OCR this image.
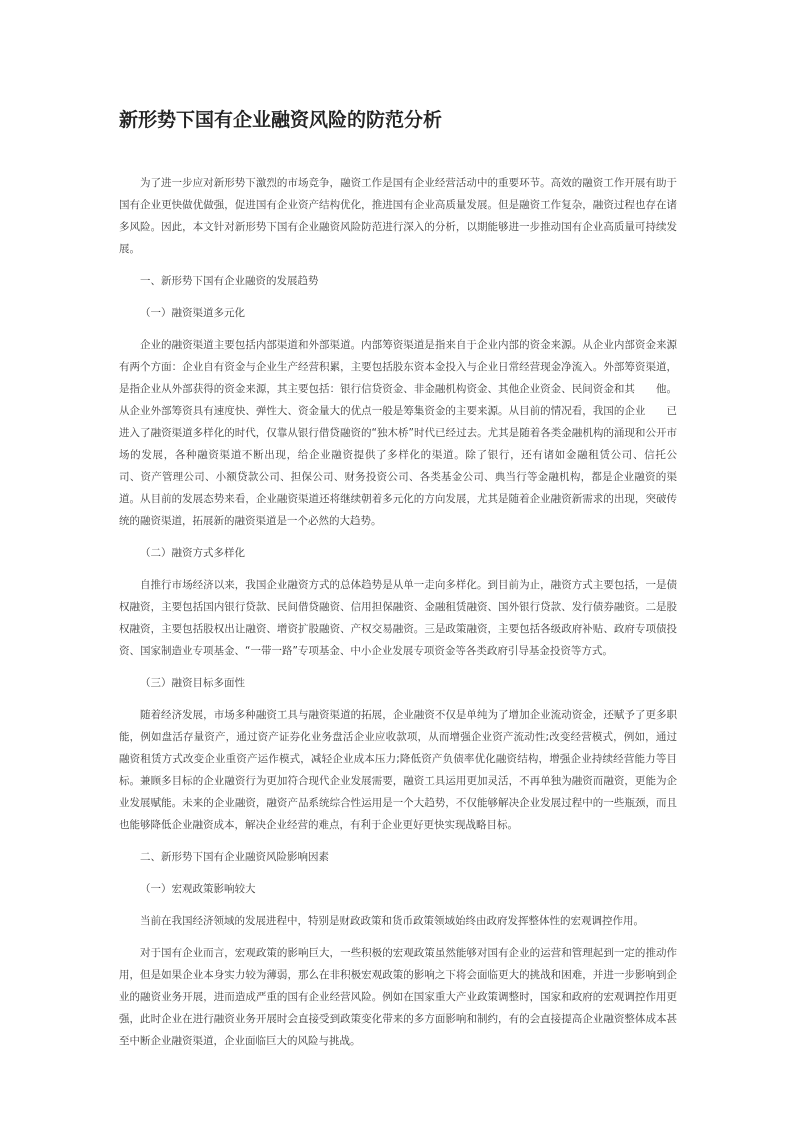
新形势下国有企业融资风险的防范分析

为了进一步应对新形势下激烈的市场竞争，融资工作是国有企业经营活动中的重要环节。高效的融资工作开展有助于国有企业更快做优做强，促进国有企业资产结构优化，推进国有企业高质量发展。但是融资工作复杂，融资过程也存在诸多风险。因此，本文针对新形势下国有企业融资风险防范进行深入的分析，以期能够进一步推动国有企业高质量可持续发展。

一、新形势下国有企业融资的发展趋势

（一）融资渠道多元化

企业的融资渠道主要包括内部渠道和外部渠道。内部筹资渠道是指来自于企业内部的资金来源。从企业内部资金来源有两个方面：企业自有资金与企业生产经营积累，主要包括股东资本金投入与企业日常经营现金净流入。外部筹资渠道，是指企业从外部获得的资金来源，其主要包括：银行信贷资金、非金融机构资金、其他企业资金、民间资金和其　　他。从企业外部筹资具有速度快、弹性大、资金量大的优点一般是筹集资金的主要来源。从目前的情况看，我国的企业　　已进入了融资渠道多样化的时代，仅靠从银行借贷融资的“独木桥”时代已经过去。尤其是随着各类金融机构的涌现和公开市场的发展，各种融资渠道不断出现，给企业融资提供了多样化的渠道。除了银行，还有诸如金融租赁公司、信托公　　司、资产管理公司、小额贷款公司、担保公司、财务投资公司、各类基金公司、典当行等金融机构，都是企业融资的渠　　道。从目前的发展态势来看，企业融资渠道还将继续朝着多元化的方向发展，尤其是随着企业融资新需求的出现，突破传统的融资渠道，拓展新的融资渠道是一个必然的大趋势。

（二）融资方式多样化

自推行市场经济以来，我国企业融资方式的总体趋势是从单一走向多样化。到目前为止，融资方式主要包括，一是债权融资，主要包括国内银行贷款、民间借贷融资、信用担保融资、金融租赁融资、国外银行贷款、发行债券融资。二是股权融资，主要包括股权出让融资、增资扩股融资、产权交易融资。三是政策融资，主要包括各级政府补贴、政府专项债投资、国家制造业专项基金、“一带一路”专项基金、中小企业发展专项资金等各类政府引导基金投资等方式。

（三）融资目标多面性

随着经济发展，市场多种融资工具与融资渠道的拓展，企业融资不仅是单纯为了增加企业流动资金，还赋予了更多职能，例如盘活存量资产，通过资产证券化业务盘活企业应收款项，从而增强企业资产流动性;改变经营模式，例如，通过融资租赁方式改变企业重资产运作模式，减轻企业成本压力;降低资产负债率优化融资结构，增强企业持续经营能力等目标。兼顾多目标的企业融资行为更加符合现代企业发展需要，融资工具运用更加灵活，不再单独为融资而融资，更能为企业发展赋能。未来的企业融资，融资产品系统综合性运用是一个大趋势，不仅能够解决企业发展过程中的一些瓶颈，而且也能够降低企业融资成本，解决企业经营的难点，有利于企业更好更快实现战略目标。

二、新形势下国有企业融资风险影响因素

（一）宏观政策影响较大

当前在我国经济领域的发展进程中，特别是财政政策和货币政策领域始终由政府发挥整体性的宏观调控作用。

对于国有企业而言，宏观政策的影响巨大，一些积极的宏观政策虽然能够对国有企业的运营和管理起到一定的推动作用，但是如果企业本身实力较为薄弱，那么在非积极宏观政策的影响之下将会面临更大的挑战和困难，并进一步影响到企业的融资业务开展，进而造成严重的国有企业经营风险。例如在国家重大产业政策调整时，国家和政府的宏观调控作用更强，此时企业在进行融资业务开展时会直接受到政策变化带来的多方面影响和制约，有的会直接提高企业融资整体成本甚至中断企业融资渠道，企业面临巨大的风险与挑战。
